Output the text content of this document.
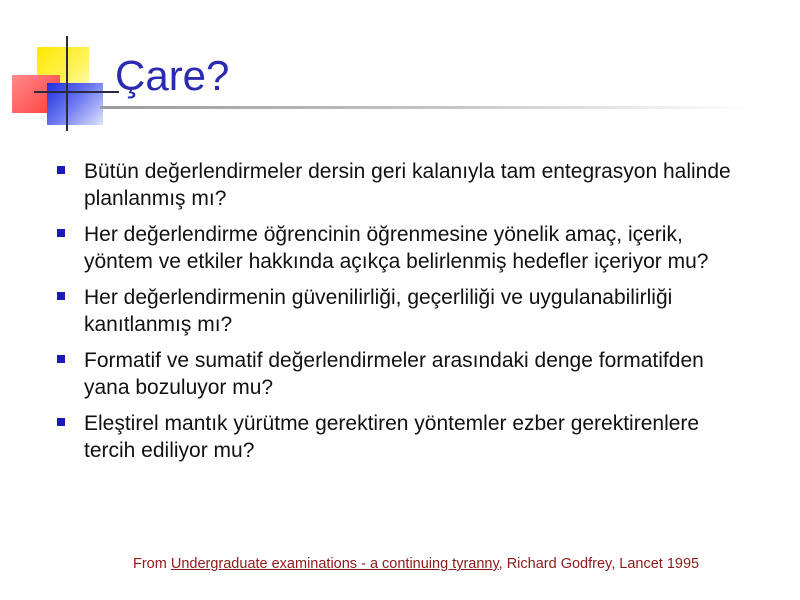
Çare?
Bütün değerlendirmeler dersin geri kalanıyla tam entegrasyon halinde planlanmış mı?
Her değerlendirme öğrencinin öğrenmesine yönelik amaç, içerik, yöntem ve etkiler hakkında açıkça belirlenmiş hedefler içeriyor mu?
Her değerlendirmenin güvenilirliği, geçerliliği ve uygulanabilirliği kanıtlanmış mı?
Formatif ve sumatif değerlendirmeler arasındaki denge formatifden yana bozuluyor mu?
Eleştirel mantık yürütme gerektiren yöntemler ezber gerektirenlere tercih ediliyor mu?
From Undergraduate examinations - a continuing tyranny, Richard Godfrey, Lancet 1995
